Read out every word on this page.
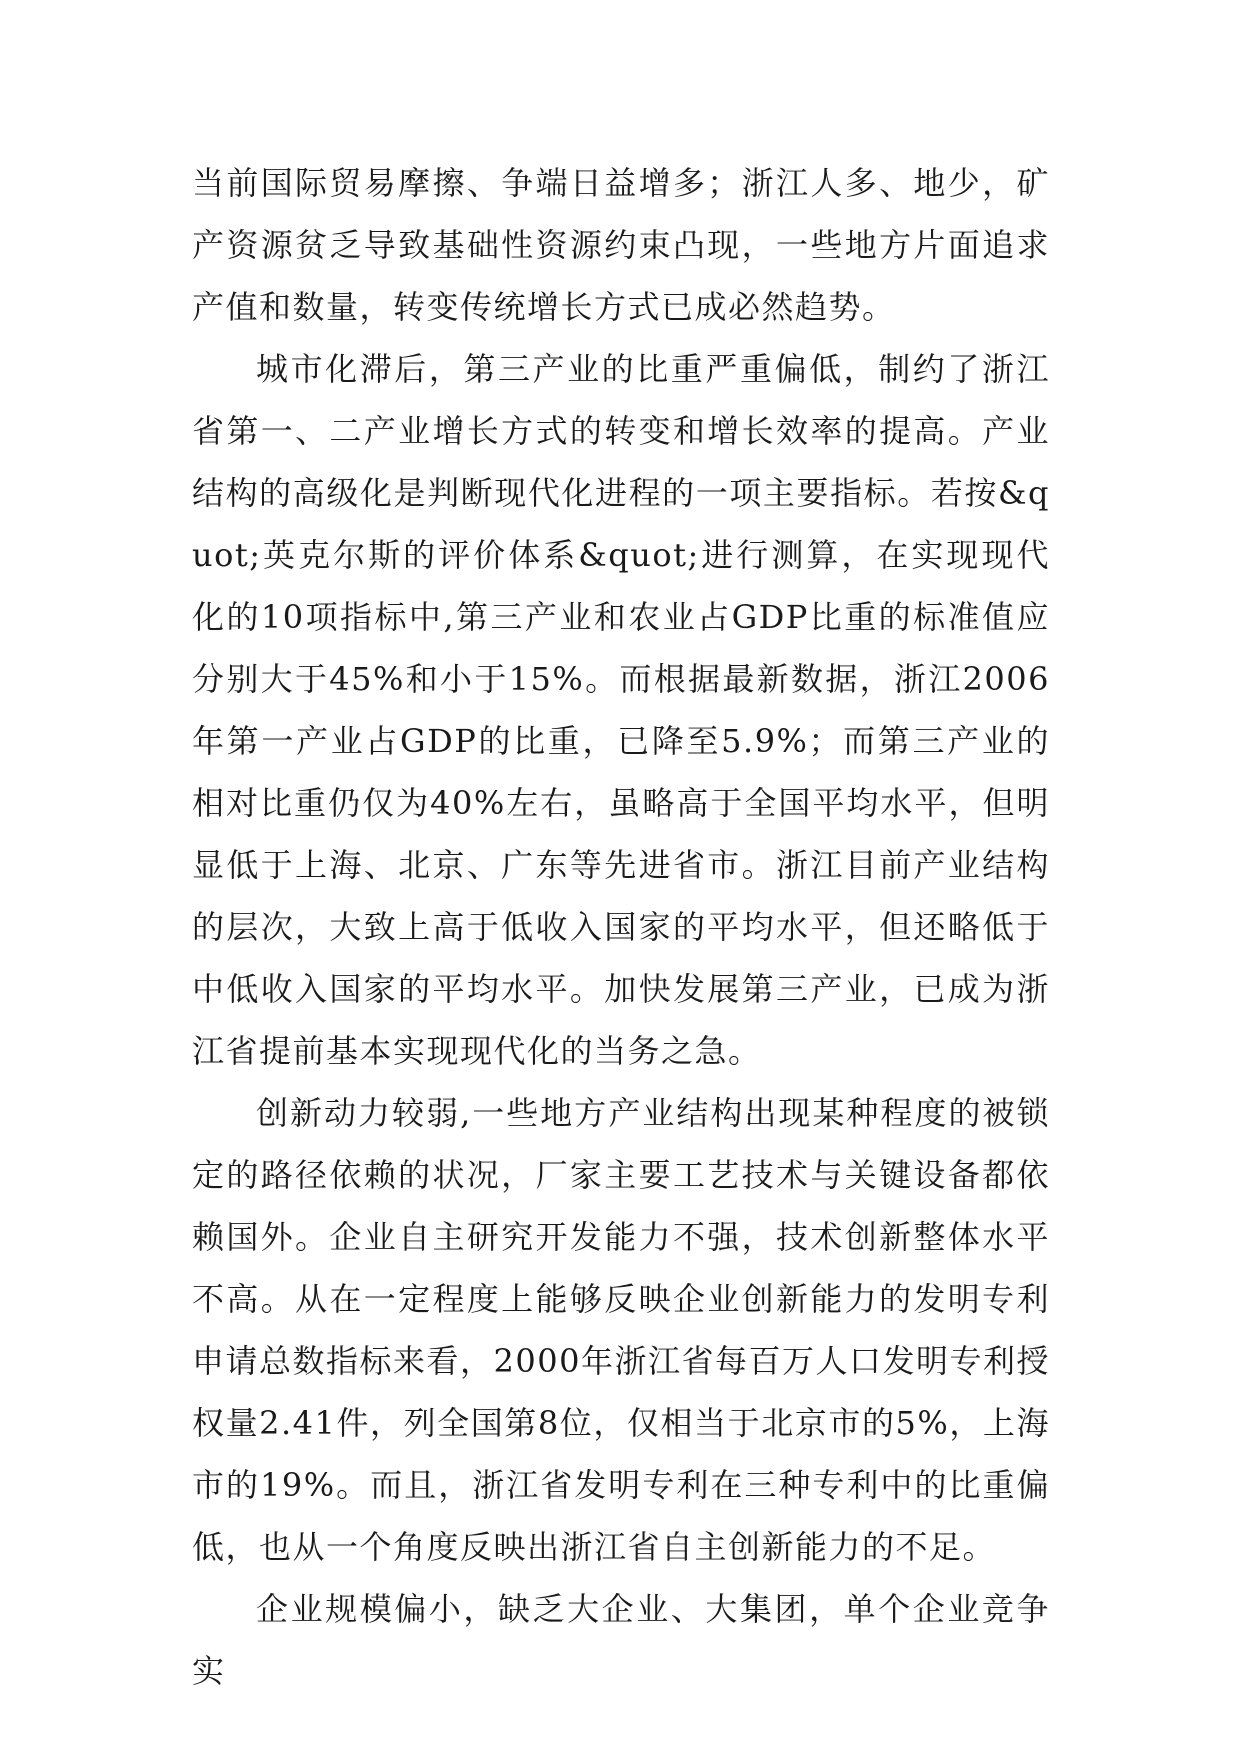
当前国际贸易摩擦、争端日益增多；浙江人多、地少，矿产资源贫乏导致基础性资源约束凸现，一些地方片面追求产值和数量，转变传统增长方式已成必然趋势。

城市化滞后，第三产业的比重严重偏低，制约了浙江省第一、二产业增长方式的转变和增长效率的提高。产业结构的高级化是判断现代化进程的一项主要指标。若按&quot;英克尔斯的评价体系&quot;进行测算，在实现现代化的10项指标中,第三产业和农业占GDP比重的标准值应分别大于45%和小于15%。而根据最新数据，浙江2006年第一产业占GDP的比重，已降至5.9%；而第三产业的相对比重仍仅为40%左右，虽略高于全国平均水平，但明显低于上海、北京、广东等先进省市。浙江目前产业结构的层次，大致上高于低收入国家的平均水平，但还略低于中低收入国家的平均水平。加快发展第三产业，已成为浙江省提前基本实现现代化的当务之急。

创新动力较弱,一些地方产业结构出现某种程度的被锁定的路径依赖的状况，厂家主要工艺技术与关键设备都依赖国外。企业自主研究开发能力不强，技术创新整体水平不高。从在一定程度上能够反映企业创新能力的发明专利申请总数指标来看，2000年浙江省每百万人口发明专利授权量2.41件，列全国第8位，仅相当于北京市的5%，上海市的19%。而且，浙江省发明专利在三种专利中的比重偏低，也从一个角度反映出浙江省自主创新能力的不足。

企业规模偏小，缺乏大企业、大集团，单个企业竞争实
